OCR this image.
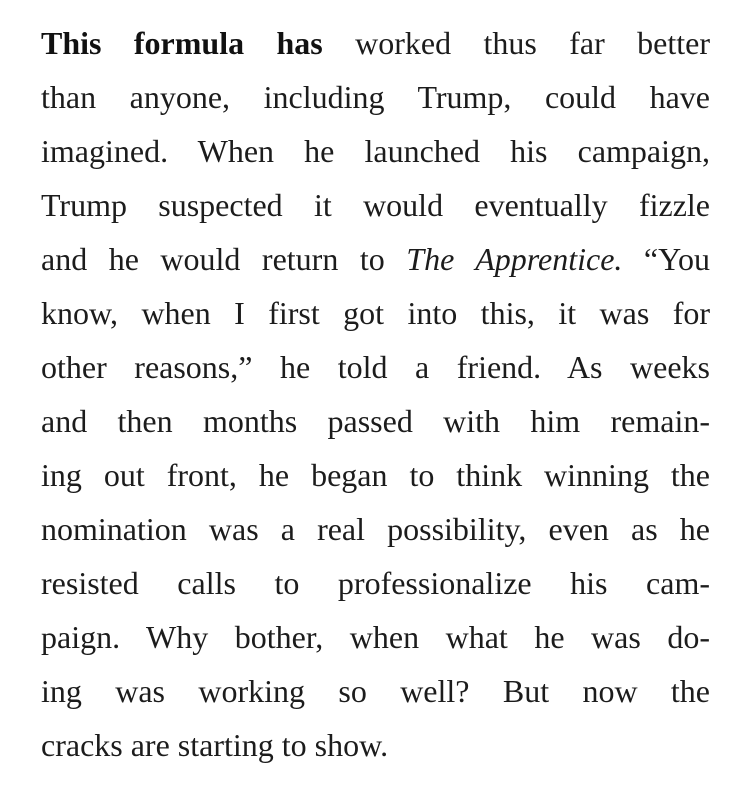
This formula has worked thus far better
than anyone, including Trump, could have
imagined. When he launched his campaign,
Trump suspected it would eventually fizzle
and he would return to The Apprentice. “You
know, when I first got into this, it was for
other reasons,” he told a friend. As weeks
and then months passed with him remain-
ing out front, he began to think winning the
nomination was a real possibility, even as he
resisted calls to professionalize his cam-
paign. Why bother, when what he was do-
ing was working so well? But now the
cracks are starting to show.
